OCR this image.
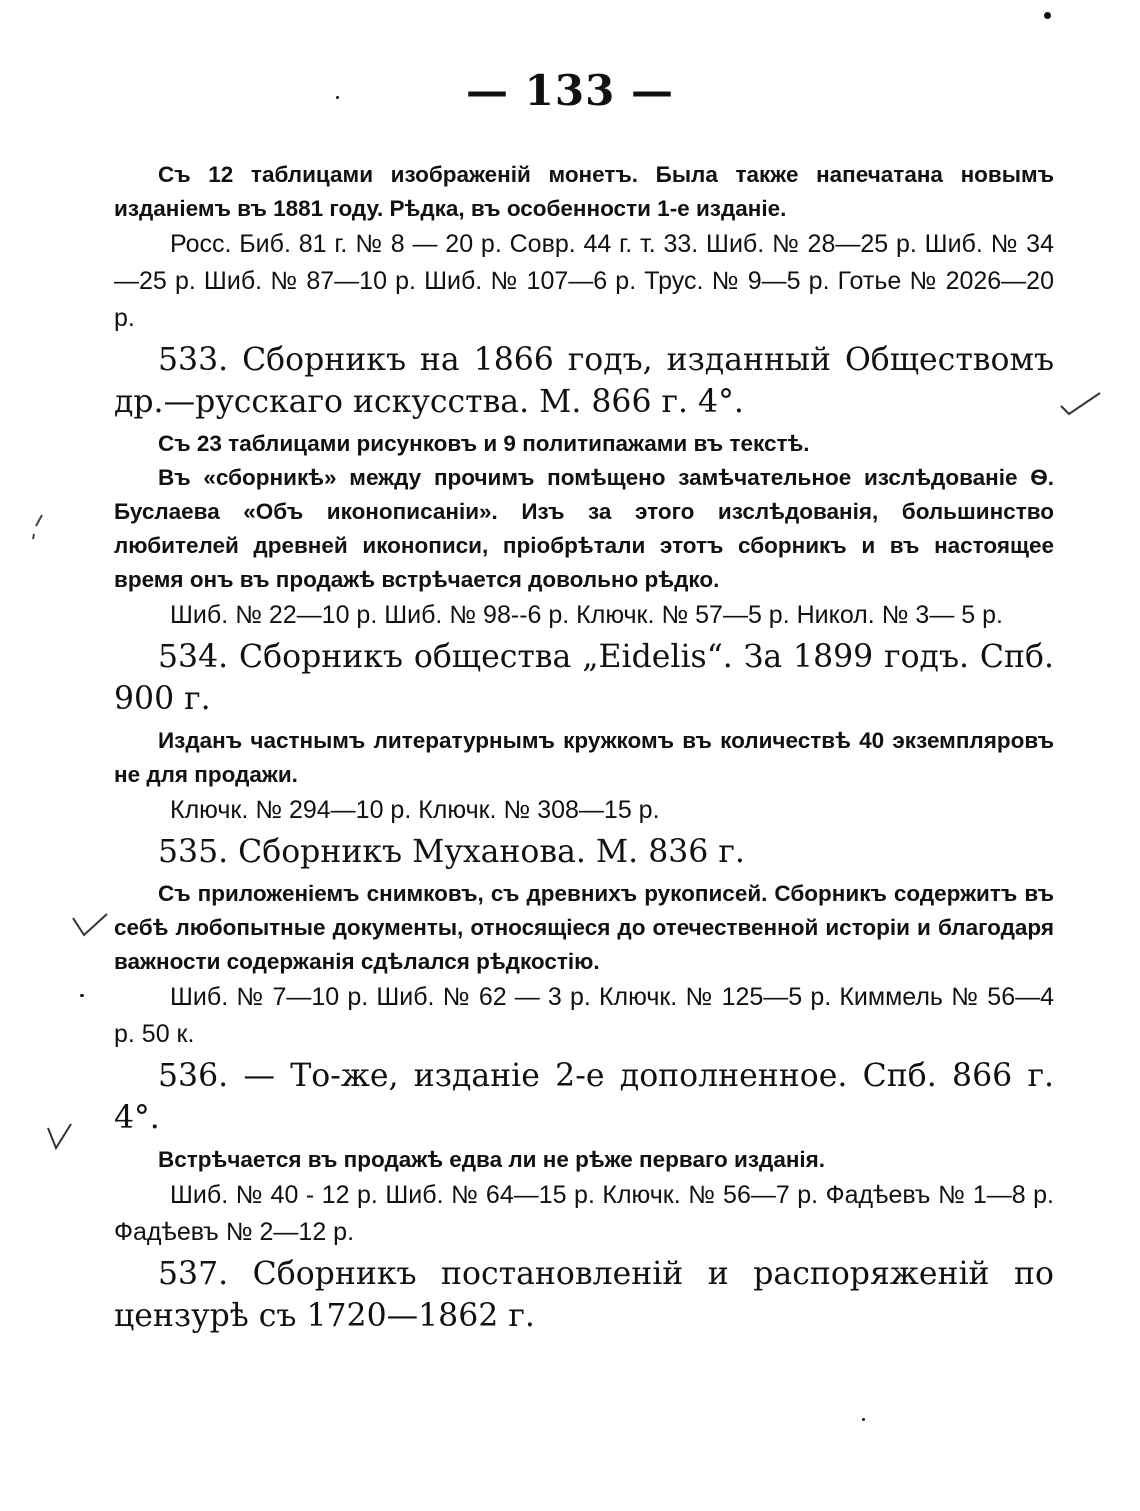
— 133 —

Съ 12 таблицами изображеній монетъ. Была также напечатана новымъ изданіемъ въ 1881 году. Рѣдка, въ особенности 1-е изданіе.

Росс. Биб. 81 г. № 8 — 20 р. Совр. 44 г. т. 33. Шиб. № 28—25 р. Шиб. № 34—25 р. Шиб. № 87—10 р. Шиб. № 107—6 р. Трус. № 9—5 р. Готье № 2026—20 р.

533. Сборникъ на 1866 годъ, изданный Обществомъ др.—русскаго искусства. М. 866 г. 4°.

Съ 23 таблицами рисунковъ и 9 политипажами въ текстѣ.

Въ «сборникѣ» между прочимъ помѣщено замѣчательное изслѣдованіе Ѳ. Буслаева «Объ иконописаніи». Изъ за этого изслѣдованія, большинство любителей древней иконописи, пріобрѣтали этотъ сборникъ и въ настоящее время онъ въ продажѣ встрѣчается довольно рѣдко.

Шиб. № 22—10 р. Шиб. № 98--6 р. Ключк. № 57—5 р. Никол. № 3— 5 р.

534. Сборникъ общества „Eidelis“. За 1899 годъ. Спб. 900 г.

Изданъ частнымъ литературнымъ кружкомъ въ количествѣ 40 экземпляровъ не для продажи.

Ключк. № 294—10 р. Ключк. № 308—15 р.

535. Сборникъ Муханова. М. 836 г.

Съ приложеніемъ снимковъ, съ древнихъ рукописей. Сборникъ содержитъ въ себѣ любопытные документы, относящіеся до отечественной исторіи и благодаря важности содержанія сдѣлался рѣдкостію.

Шиб. № 7—10 р. Шиб. № 62 — 3 р. Ключк. № 125—5 р. Киммель № 56—4 р. 50 к.

536. — То-же, изданіе 2-е дополненное. Спб. 866 г. 4°.

Встрѣчается въ продажѣ едва ли не рѣже перваго изданія.

Шиб. № 40 - 12 р. Шиб. № 64—15 р. Ключк. № 56—7 р. Фадѣевъ № 1—8 р. Фадѣевъ № 2—12 р.

537. Сборникъ постановленій и распоряженій по цензурѣ съ 1720—1862 г.
